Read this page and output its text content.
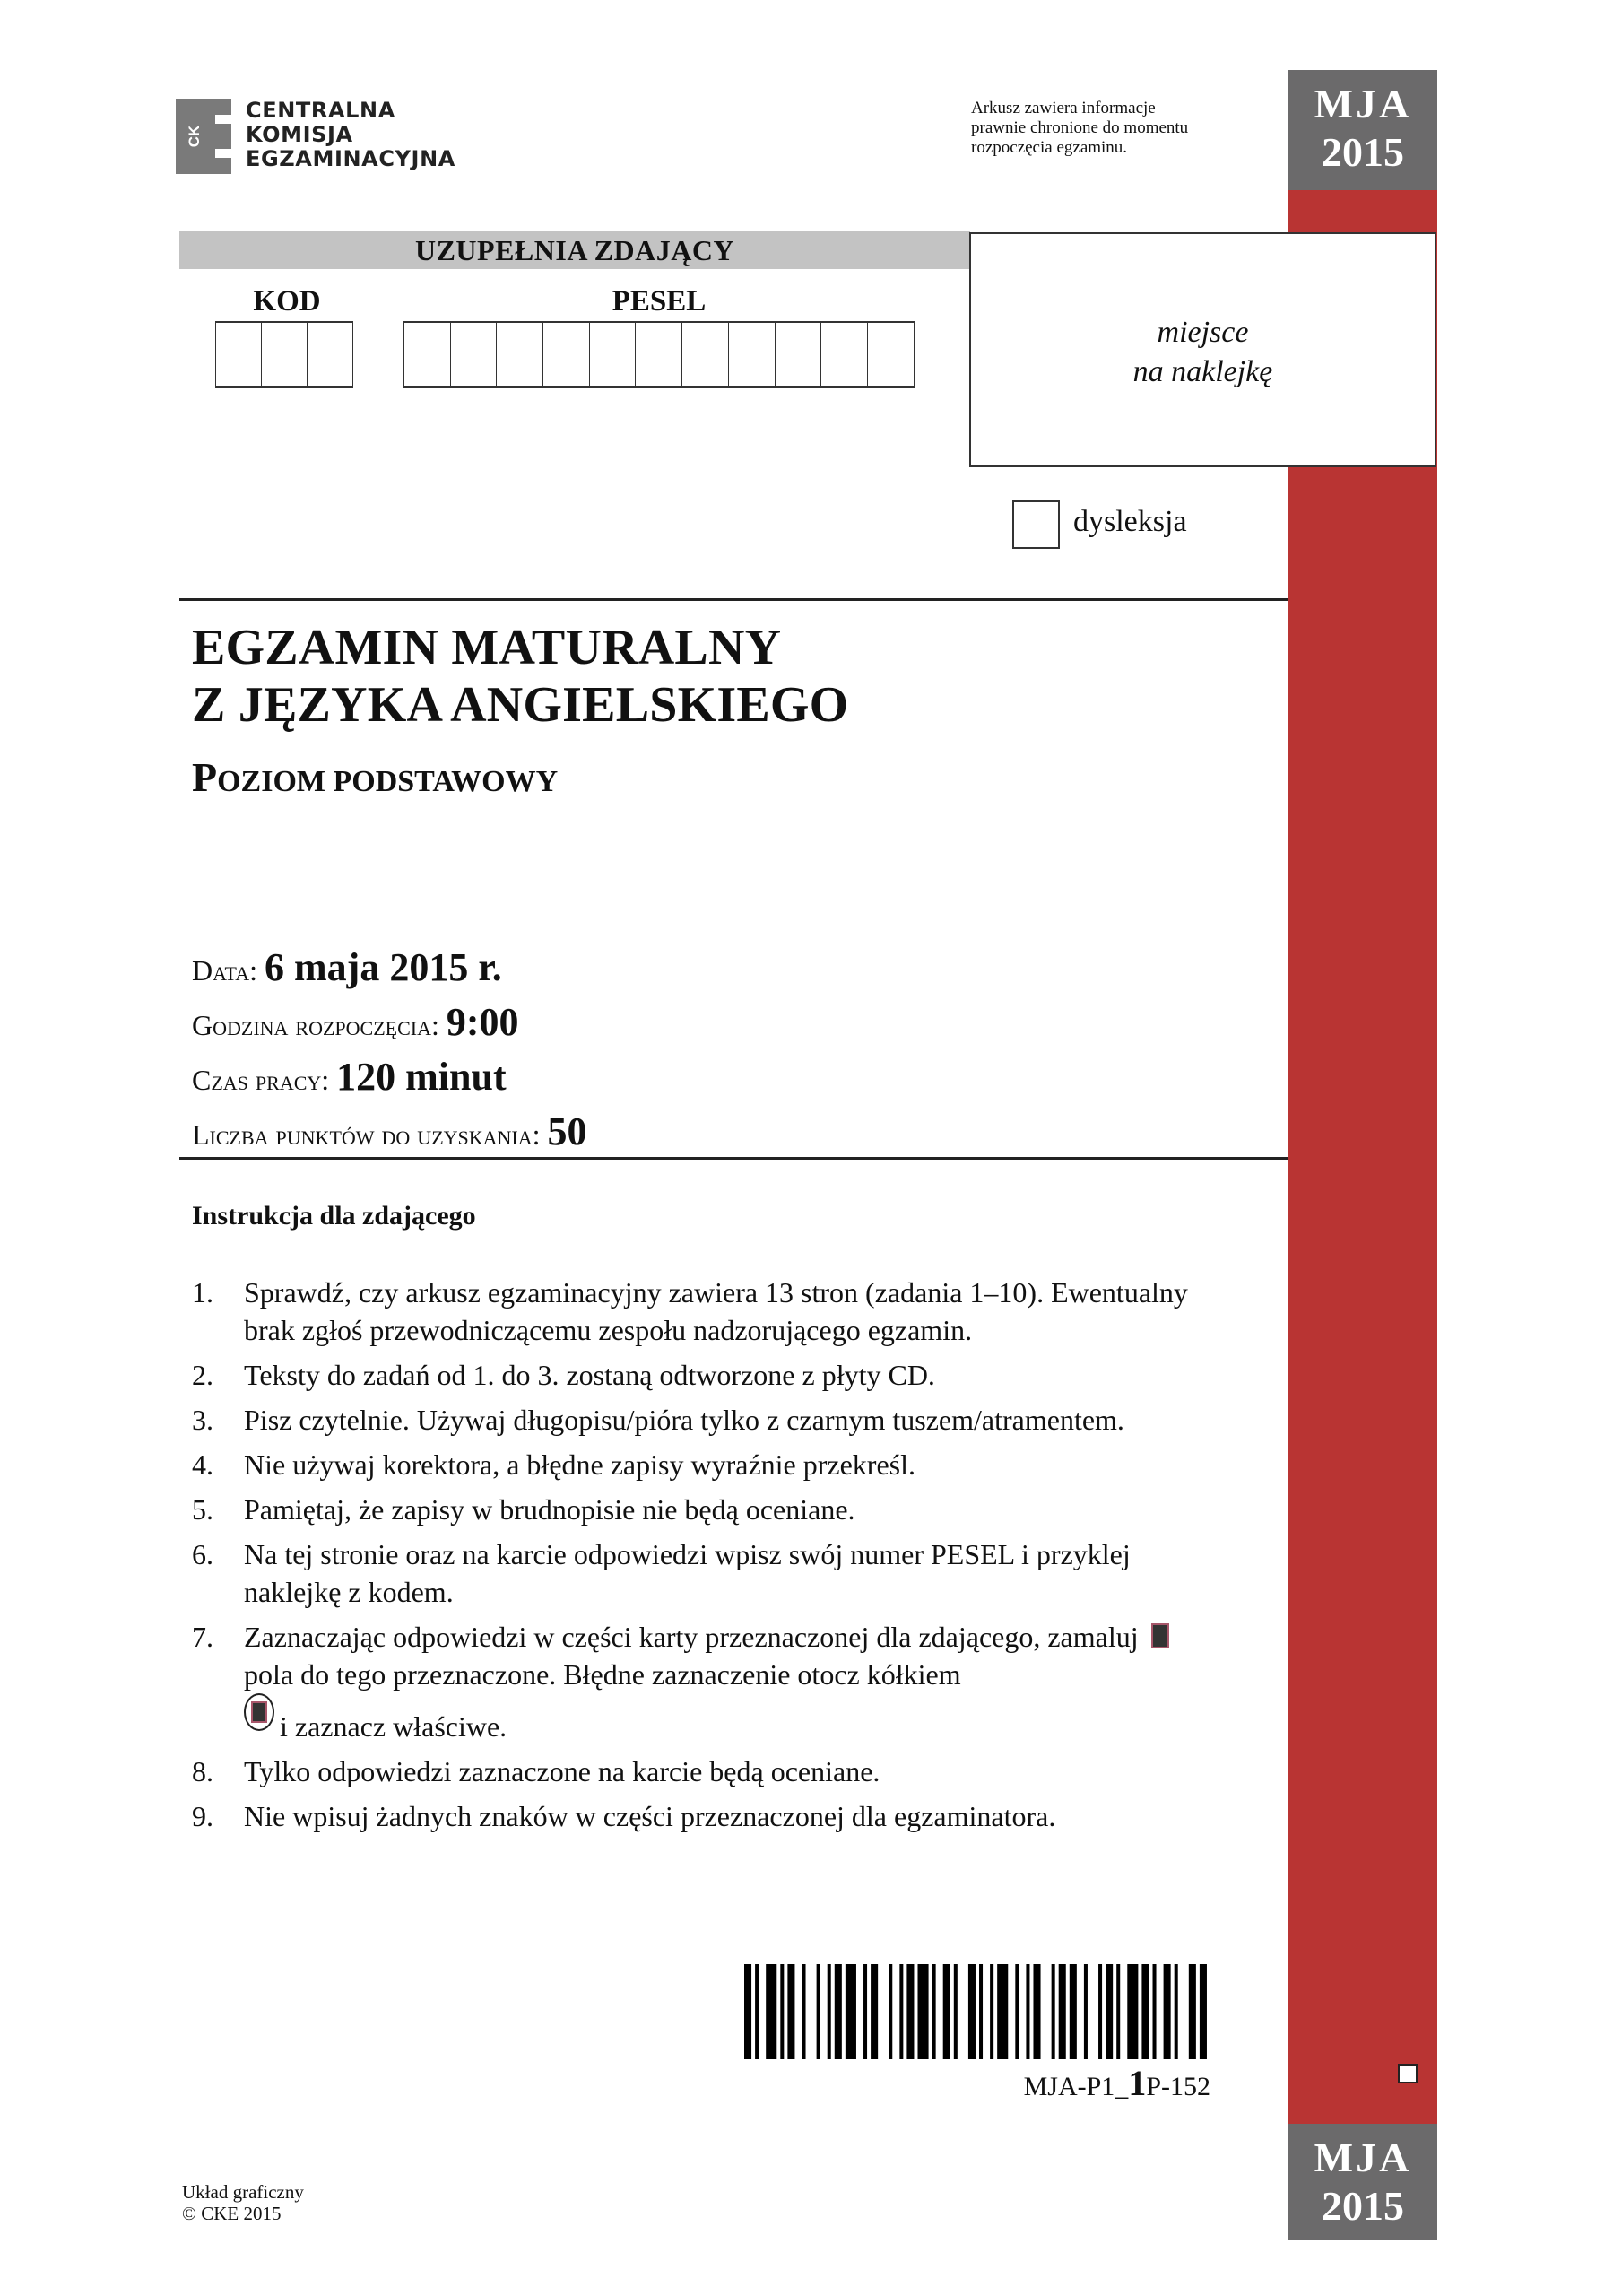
CK
CENTRALNA
KOMISJA
EGZAMINACYJNA
Arkusz zawiera informacje
prawnie chronione do momentu
rozpoczęcia egzaminu.
MJA
2015
MJA
2015
UZUPEŁNIA ZDAJĄCY
KOD	PESEL
miejsce
na naklejkę
dysleksja
EGZAMIN MATURALNY
Z JĘZYKA ANGIELSKIEGO
POZIOM PODSTAWOWY
Data: 6 maja 2015 r.
Godzina rozpoczęcia: 9:00
Czas pracy: 120 minut
Liczba punktów do uzyskania: 50
Instrukcja dla zdającego
1. Sprawdź, czy arkusz egzaminacyjny zawiera 13 stron (zadania 1–10). Ewentualny brak zgłoś przewodniczącemu zespołu nadzorującego egzamin.
2. Teksty do zadań od 1. do 3. zostaną odtworzone z płyty CD.
3. Pisz czytelnie. Używaj długopisu/pióra tylko z czarnym tuszem/atramentem.
4. Nie używaj korektora, a błędne zapisy wyraźnie przekreśl.
5. Pamiętaj, że zapisy w brudnopisie nie będą oceniane.
6. Na tej stronie oraz na karcie odpowiedzi wpisz swój numer PESEL i przyklej naklejkę z kodem.
7. Zaznaczając odpowiedzi w części karty przeznaczonej dla zdającego, zamaluj  pola do tego przeznaczone. Błędne zaznaczenie otocz kółkiem
i zaznacz właściwe.
8. Tylko odpowiedzi zaznaczone na karcie będą oceniane.
9. Nie wpisuj żadnych znaków w części przeznaczonej dla egzaminatora.
MJA-P1_1P-152
Układ graficzny
© CKE 2015
